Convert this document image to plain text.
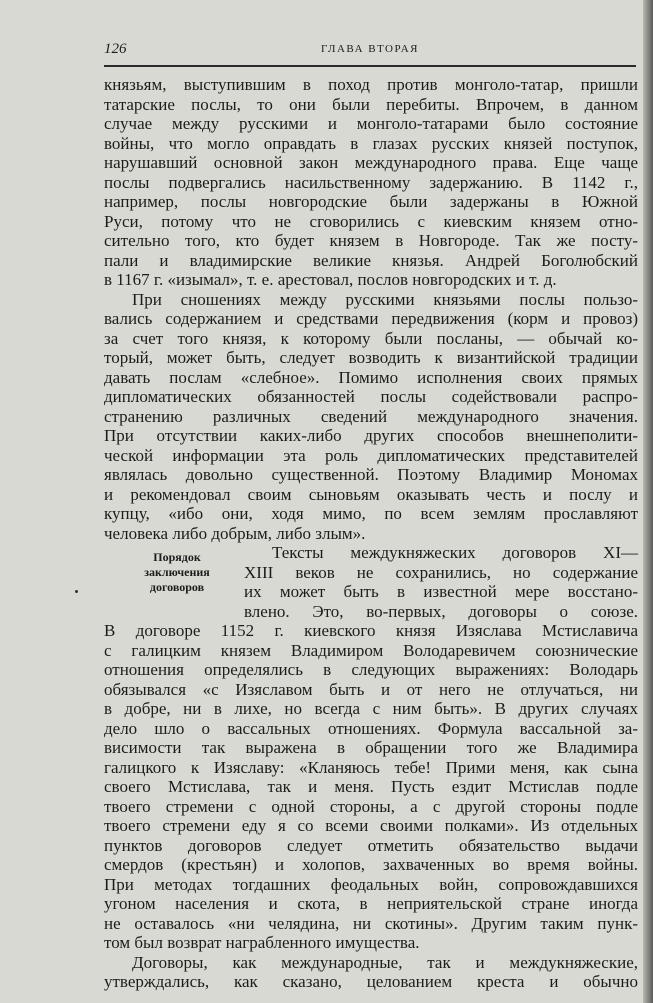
126	ГЛАВА ВТОРАЯ
Порядок
заключения
договоров
князьям, выступившим в поход против монголо-татар, пришли
татарские послы, то они были перебиты. Впрочем, в данном
случае между русскими и монголо-татарами было состояние
войны, что могло оправдать в глазах русских князей поступок,
нарушавший основной закон международного права. Еще чаще
послы подвергались насильственному задержанию. В 1142 г.,
например, послы новгородские были задержаны в Южной
Руси, потому что не сговорились с киевским князем отно-
сительно того, кто будет князем в Новгороде. Так же посту-
пали и владимирские великие князья. Андрей Боголюбский
в 1167 г. «изымал», т. е. арестовал, послов новгородских и т. д.
При сношениях между русскими князьями послы пользо-
вались содержанием и средствами передвижения (корм и провоз)
за счет того князя, к которому были посланы, — обычай ко-
торый, может быть, следует возводить к византийской традиции
давать послам «слебное». Помимо исполнения своих прямых
дипломатических обязанностей послы содействовали распро-
странению различных сведений международного значения.
При отсутствии каких-либо других способов внешнеполити-
ческой информации эта роль дипломатических представителей
являлась довольно существенной. Поэтому Владимир Мономах
и рекомендовал своим сыновьям оказывать честь и послу и
купцу, «ибо они, ходя мимо, по всем землям прославляют
человека либо добрым, либо злым».
Тексты междукняжеских договоров XI—
XIII веков не сохранились, но содержание
их может быть в известной мере восстано-
влено. Это, во-первых, договоры о союзе.
В договоре 1152 г. киевского князя Изяслава Мстиславича
с галицким князем Владимиром Володаревичем союзнические
отношения определялись в следующих выражениях: Володарь
обязывался «с Изяславом быть и от него не отлучаться, ни
в добре, ни в лихе, но всегда с ним быть». В других случаях
дело шло о вассальных отношениях. Формула вассальной за-
висимости так выражена в обращении того же Владимира
галицкого к Изяславу: «Кланяюсь тебе! Прими меня, как сына
своего Мстислава, так и меня. Пусть ездит Мстислав подле
твоего стремени с одной стороны, а с другой стороны подле
твоего стремени еду я со всеми своими полками». Из отдельных
пунктов договоров следует отметить обязательство выдачи
смердов (крестьян) и холопов, захваченных во время войны.
При методах тогдашних феодальных войн, сопровождавшихся
угоном населения и скота, в неприятельской стране иногда
не оставалось «ни челядина, ни скотины». Другим таким пунк-
том был возврат награбленного имущества.
Договоры, как международные, так и междукняжеские,
утверждались, как сказано, целованием креста и обычно
